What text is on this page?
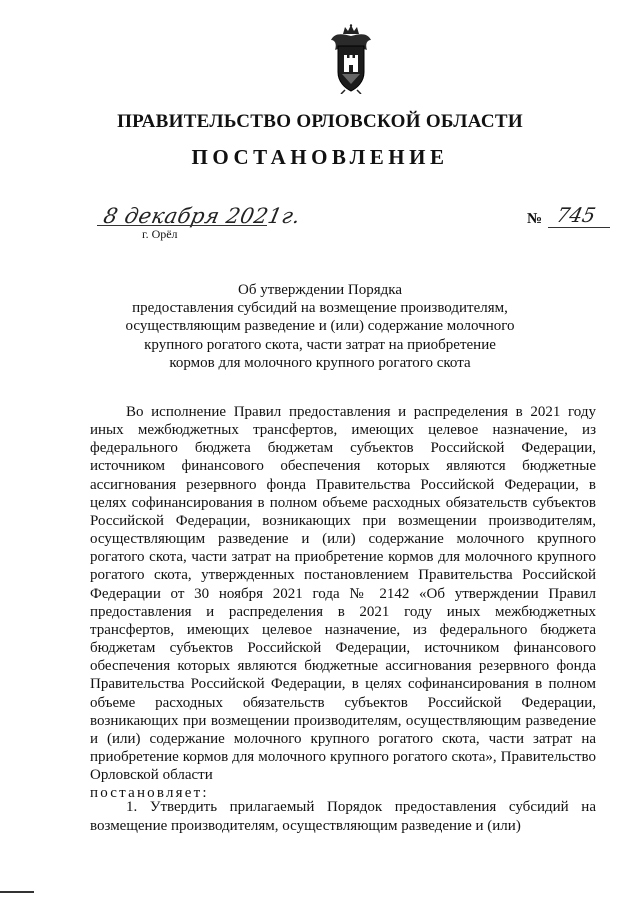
ПРАВИТЕЛЬСТВО ОРЛОВСКОЙ ОБЛАСТИ
ПОСТАНОВЛЕНИЕ
8 декабря 2021г.
г. Орёл
№ 745
Об утверждении Порядка
предоставления субсидий на возмещение производителям,
осуществляющим разведение и (или) содержание молочного
крупного рогатого скота, части затрат на приобретение
кормов для молочного крупного рогатого скота

Во исполнение Правил предоставления и распределения в 2021 году иных межбюджетных трансфертов, имеющих целевое назначение, из федерального бюджета бюджетам субъектов Российской Федерации, источником финансового обеспечения которых являются бюджетные ассигнования резервного фонда Правительства Российской Федерации, в целях софинансирования в полном объеме расходных обязательств субъектов Российской Федерации, возникающих при возмещении производителям, осуществляющим разведение и (или) содержание молочного крупного рогатого скота, части затрат на приобретение кормов для молочного крупного рогатого скота, утвержденных постановлением Правительства Российской Федерации от 30 ноября 2021 года № 2142 «Об утверждении Правил предоставления и распределения в 2021 году иных межбюджетных трансфертов, имеющих целевое назначение, из федерального бюджета бюджетам субъектов Российской Федерации, источником финансового обеспечения которых являются бюджетные ассигнования резервного фонда Правительства Российской Федерации, в целях софинансирования в полном объеме расходных обязательств субъектов Российской Федерации, возникающих при возмещении производителям, осуществляющим разведение и (или) содержание молочного крупного рогатого скота, части затрат на приобретение кормов для молочного крупного рогатого скота», Правительство Орловской области

постановляет:

1. Утвердить прилагаемый Порядок предоставления субсидий на возмещение производителям, осуществляющим разведение и (или)
